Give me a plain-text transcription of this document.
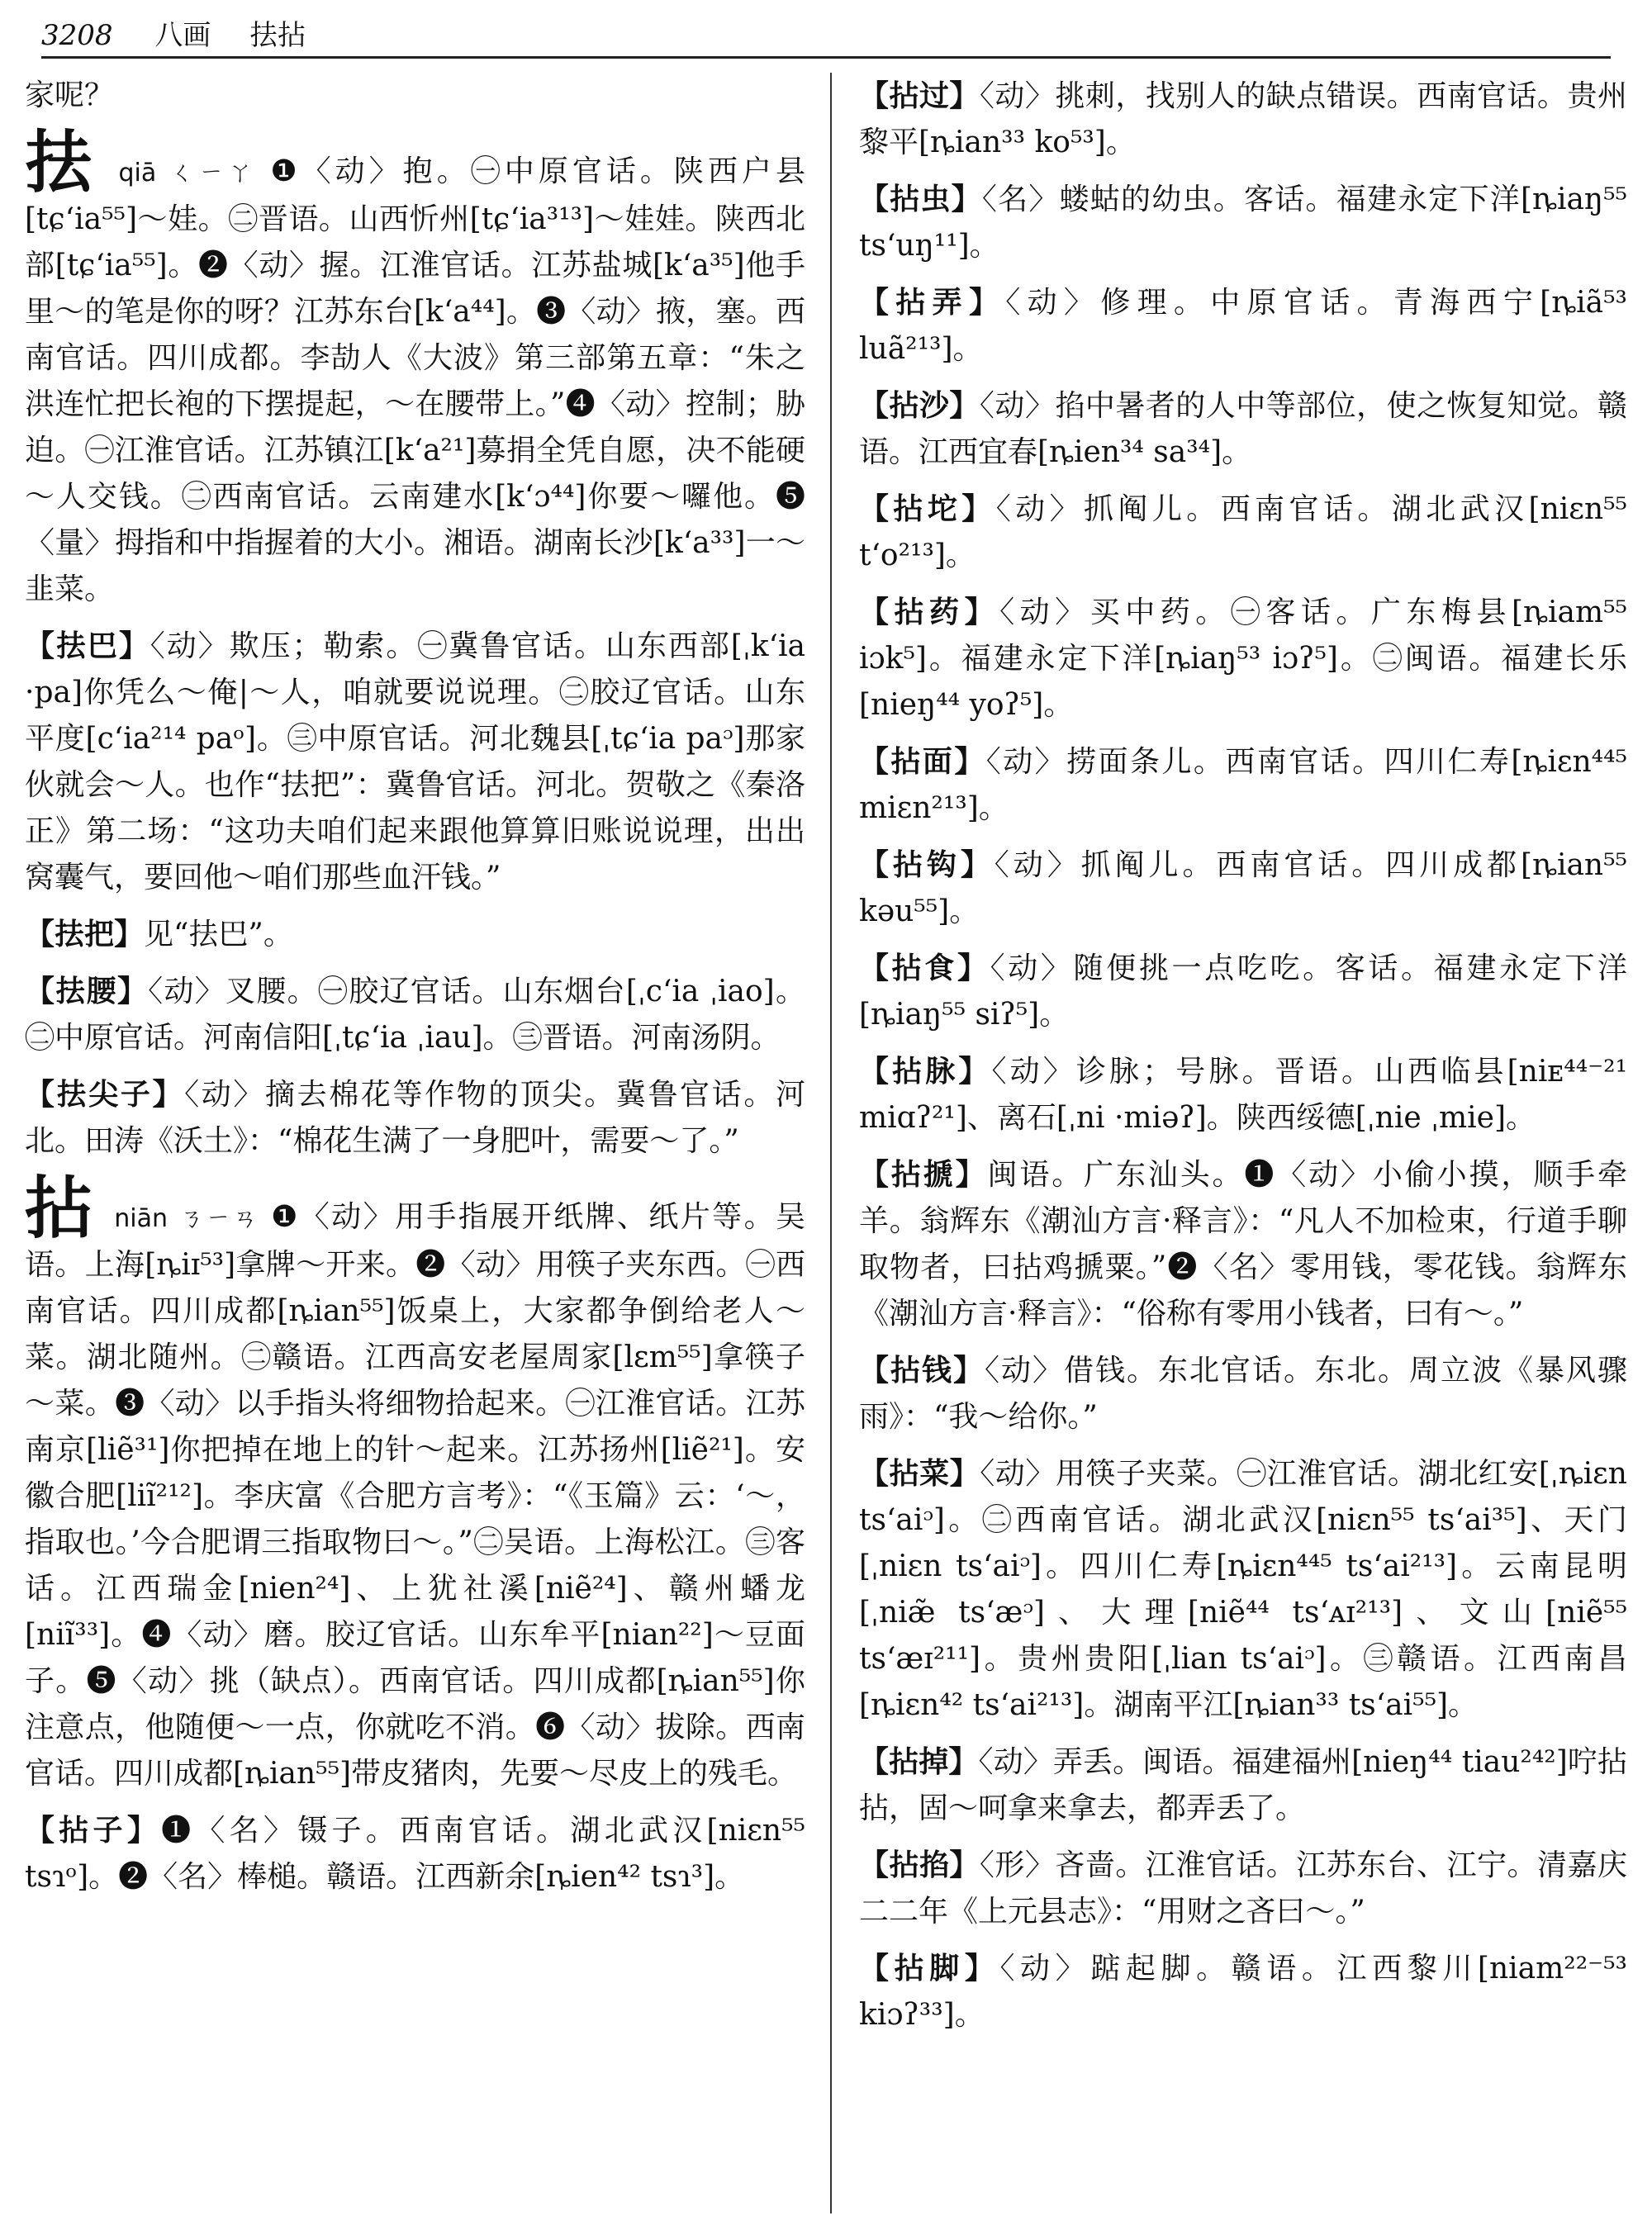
3208 八画 抾拈

家呢？

抾 qiā ㄑㄧㄚ ❶〈动〉抱。㊀中原官话。陕西户县[tɕʻia⁵⁵]～娃。㊁晋语。山西忻州[tɕʻia³¹³]～娃娃。陕西北部[tɕʻia⁵⁵]。❷〈动〉握。江淮官话。江苏盐城[kʻa³⁵]他手里～的笔是你的呀？江苏东台[kʻa⁴⁴]。❸〈动〉掖，塞。西南官话。四川成都。李劼人《大波》第三部第五章：“朱之洪连忙把长袍的下摆提起，～在腰带上。”❹〈动〉控制；胁迫。㊀江淮官话。江苏镇江[kʻa²¹]募捐全凭自愿，决不能硬～人交钱。㊁西南官话。云南建水[kʻɔ⁴⁴]你要～囉他。❺〈量〉拇指和中指握着的大小。湘语。湖南长沙[kʻa³³]一～韭菜。

【抾巴】〈动〉欺压；勒索。㊀冀鲁官话。山东西部[ˌkʻia ·pa]你凭么～俺|～人，咱就要说说理。㊁胶辽官话。山东平度[cʻia²¹⁴ paᵒ]。㊂中原官话。河北魏县[ˌtɕʻia paᵓ]那家伙就会～人。也作“抾把”：冀鲁官话。河北。贺敬之《秦洛正》第二场：“这功夫咱们起来跟他算算旧账说说理，出出窝囊气，要回他～咱们那些血汗钱。”

【抾把】见“抾巴”。

【抾腰】〈动〉叉腰。㊀胶辽官话。山东烟台[ˌcʻia ˌiao]。㊁中原官话。河南信阳[ˌtɕʻia ˌiau]。㊂晋语。河南汤阴。

【抾尖子】〈动〉摘去棉花等作物的顶尖。冀鲁官话。河北。田涛《沃土》：“棉花生满了一身肥叶，需要～了。”

拈 niān ㄋㄧㄢ ❶〈动〉用手指展开纸牌、纸片等。吴语。上海[ȵiɪ⁵³]拿牌～开来。❷〈动〉用筷子夹东西。㊀西南官话。四川成都[ȵian⁵⁵]饭桌上，大家都争倒给老人～菜。湖北随州。㊁赣语。江西高安老屋周家[lɛm⁵⁵]拿筷子～菜。❸〈动〉以手指头将细物拾起来。㊀江淮官话。江苏南京[liẽ³¹]你把掉在地上的针～起来。江苏扬州[liẽ²¹]。安徽合肥[liĩ²¹²]。李庆富《合肥方言考》：“《玉篇》云：‘～，指取也。’今合肥谓三指取物曰～。”㊁吴语。上海松江。㊂客话。江西瑞金[nien²⁴]、上犹社溪[niẽ²⁴]、赣州蟠龙[niĩ³³]。❹〈动〉磨。胶辽官话。山东牟平[nian²²]～豆面子。❺〈动〉挑（缺点）。西南官话。四川成都[ȵian⁵⁵]你注意点，他随便～一点，你就吃不消。❻〈动〉拔除。西南官话。四川成都[ȵian⁵⁵]带皮猪肉，先要～尽皮上的残毛。

【拈子】❶〈名〉镊子。西南官话。湖北武汉[niɛn⁵⁵ tsɿᵒ]。❷〈名〉棒槌。赣语。江西新余[ȵien⁴² tsɿ³]。

【拈过】〈动〉挑刺，找别人的缺点错误。西南官话。贵州黎平[ȵian³³ ko⁵³]。

【拈虫】〈名〉蝼蛄的幼虫。客话。福建永定下洋[ȵiaŋ⁵⁵ tsʻuŋ¹¹]。

【拈弄】〈动〉修理。中原官话。青海西宁[ȵiã⁵³ luã²¹³]。

【拈沙】〈动〉掐中暑者的人中等部位，使之恢复知觉。赣语。江西宜春[ȵien³⁴ sa³⁴]。

【拈坨】〈动〉抓阄儿。西南官话。湖北武汉[niɛn⁵⁵ tʻo²¹³]。

【拈药】〈动〉买中药。㊀客话。广东梅县[ȵiam⁵⁵ iɔk⁵]。福建永定下洋[ȵiaŋ⁵³ iɔʔ⁵]。㊁闽语。福建长乐[nieŋ⁴⁴ yoʔ⁵]。

【拈面】〈动〉捞面条儿。西南官话。四川仁寿[ȵiɛn⁴⁴⁵ miɛn²¹³]。

【拈钩】〈动〉抓阄儿。西南官话。四川成都[ȵian⁵⁵ kəu⁵⁵]。

【拈食】〈动〉随便挑一点吃吃。客话。福建永定下洋[ȵiaŋ⁵⁵ siʔ⁵]。

【拈脉】〈动〉诊脉；号脉。晋语。山西临县[niᴇ⁴⁴⁻²¹ miɑʔ²¹]、离石[ˌni ·miəʔ]。陕西绥德[ˌnie ˌmie]。

【拈搋】闽语。广东汕头。❶〈动〉小偷小摸，顺手牵羊。翁辉东《潮汕方言·释言》：“凡人不加检束，行道手聊取物者，曰拈鸡搋粟。”❷〈名〉零用钱，零花钱。翁辉东《潮汕方言·释言》：“俗称有零用小钱者，曰有～。”

【拈钱】〈动〉借钱。东北官话。东北。周立波《暴风骤雨》：“我～给你。”

【拈菜】〈动〉用筷子夹菜。㊀江淮官话。湖北红安[ˌȵiɛn tsʻaiᵓ]。㊁西南官话。湖北武汉[niɛn⁵⁵ tsʻai³⁵]、天门[ˌniɛn tsʻaiᵓ]。四川仁寿[ȵiɛn⁴⁴⁵ tsʻai²¹³]。云南昆明[ˌniæ̃ tsʻæᵓ]、大理[niẽ⁴⁴ tsʻᴀɪ²¹³]、文山[niẽ⁵⁵ tsʻæɪ²¹¹]。贵州贵阳[ˌlian tsʻaiᵓ]。㊂赣语。江西南昌[ȵiɛn⁴² tsʻai²¹³]。湖南平江[ȵian³³ tsʻai⁵⁵]。

【拈掉】〈动〉弄丢。闽语。福建福州[nieŋ⁴⁴ tiau²⁴²]咛拈拈，固～呵拿来拿去，都弄丢了。

【拈掐】〈形〉吝啬。江淮官话。江苏东台、江宁。清嘉庆二二年《上元县志》：“用财之吝曰～。”

【拈脚】〈动〉踮起脚。赣语。江西黎川[niam²²⁻⁵³ kiɔʔ³³]。
